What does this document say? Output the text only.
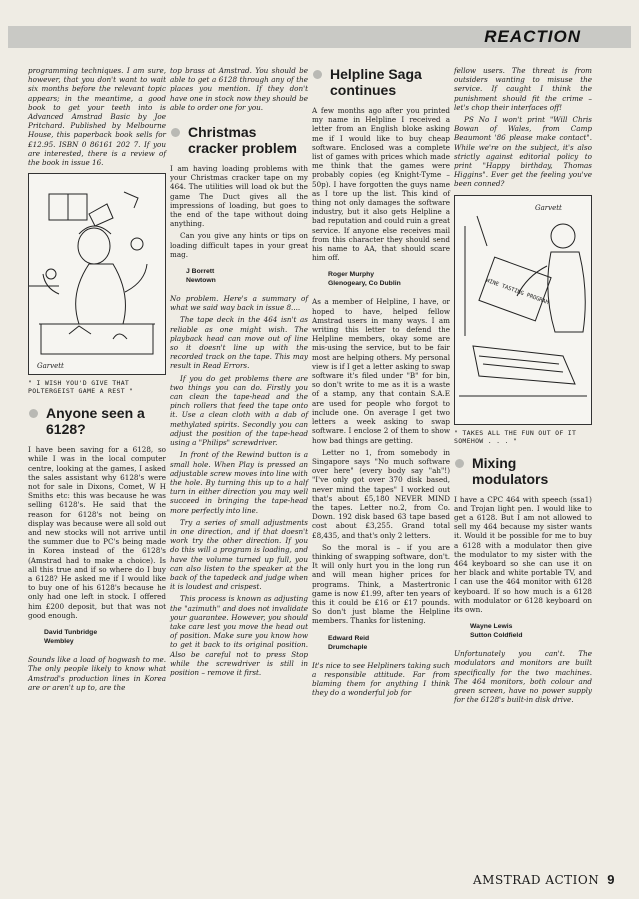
REACTION

programming techniques. I am sure, however, that you don't want to wait six months before the relevant topic appears; in the meantime, a good book to get your teeth into is Advanced Amstrad Basic by Joe Pritchard. Published by Melbourne House, this paperback book sells for £12.95. ISBN 0 86161 202 7. If you are interested, there is a review of the book in issue 16.

Garvett
" I WISH YOU'D GIVE THAT POLTERGEIST GAME A REST "
Anyone seen a 6128?

I have been saving for a 6128, so while I was in the local computer centre, looking at the games, I asked the sales assistant why 6128's were not for sale in Dixons, Comet, W H Smiths etc: this was because he was selling 6128's. He said that the reason for 6128's not being on display was because were all sold out and new stocks will not arrive until the summer due to PC's being made in Korea instead of the 6128's (Amstrad had to make a choice). Is all this true and if so where do I buy a 6128? He asked me if I would like to buy one of his 6128's because he only had one left in stock. I offered him £200 deposit, but that was not good enough.

David Tunbridge
Wembley

Sounds like a load of hogwash to me. The only people likely to know what Amstrad's production lines in Korea are or aren't up to, are the

top brass at Amstrad. You should be able to get a 6128 through any of the places you mention. If they don't have one in stock now they should be able to order one for you.

Christmas cracker problem

I am having loading problems with your Christmas cracker tape on my 464. The utilities will load ok but the game The Duct gives all the impressions of loading, but goes to the end of the tape without doing anything.

Can you give any hints or tips on loading difficult tapes in your great mag.

J Borrett
Newtown

No problem. Here's a summary of what we said way back in issue 8....

The tape deck in the 464 isn't as reliable as one might wish. The playback head can move out of line so it doesn't line up with the recorded track on the tape. This may result in Read Errors.

If you do get problems there are two things you can do. Firstly you can clean the tape-head and the pinch rollers that feed the tape onto it. Use a clean cloth with a dab of methylated spirits. Secondly you can adjust the position of the tape-head using a "Philips" screwdriver.

In front of the Rewind button is a small hole. When Play is pressed an adjustable screw moves into line with the hole. By turning this up to a half turn in either direction you may well succeed in bringing the tape-head more perfectly into line.

Try a series of small adjustments in one direction, and if that doesn't work try the other direction. If you do this will a program is loading, and have the volume turned up full, you can also listen to the speaker at the back of the tapedeck and judge when it is loudest and crispest.

This process is known as adjusting the "azimuth" and does not invalidate your guarantee. However, you should take care lest you move the head out of position. Make sure you know how to get it back to its original position. Also be careful not to press Stop while the screwdriver is still in position – remove it first.

Helpline Saga continues

A few months ago after you printed my name in Helpline I received a letter from an English bloke asking me if I would like to buy cheap software. Enclosed was a complete list of games with prices which made me think that the games were probably copies (eg Knight-Tyme – 50p). I have forgotten the guys name as I tore up the list. This kind of thing not only damages the software industry, but it also gets Helpline a bad reputation and could ruin a great service. If anyone else receives mail from this character they should send his name to AA, that should scare him off.

Roger Murphy
Glenogeary, Co Dublin

As a member of Helpline, I have, or hoped to have, helped fellow Amstrad users in many ways. I am writing this letter to defend the Helpline members, okay some are mis-using the service, but to be fair most are helping others. My personal view is if I get a letter asking to swap software it's filed under "B" for bin, so don't write to me as it is a waste of a stamp, any that contain S.A.E are used for people who forgot to include one. On average I get two letters a week asking to swap software. I enclose 2 of them to show how bad things are getting.

Letter no 1, from somebody in Singapore says "No much software over here" (every body say "ah"!) "I've only got over 370 disk based, never mind the tapes" I worked out that's about £5,180 NEVER MIND the tapes. Letter no.2, from Co. Down. 192 disk based 63 tape based cost about £3,255. Grand total £8,435, and that's only 2 letters.

So the moral is – if you are thinking of swapping software, don't. It will only hurt you in the long run and will mean higher prices for programs. Think, a Mastertronic game is now £1.99, after ten years of this it could be £16 or £17 pounds. So don't just blame the Helpline members. Thanks for listening.

Edward Reid
Drumchaple

It's nice to see Helpliners taking such a responsible attitude. Far from blaming them for anything I think they do a wonderful job for

fellow users. The threat is from outsiders wanting to misuse the service. If caught I think the punishment should fit the crime – let's chop their interfaces off!

PS No I won't print "Will Chris Bowan of Wales, from Camp Beaumont '86 please make contact". While we're on the subject, it's also strictly against editorial policy to print "Happy birthday, Thomas Higgins". Ever get the feeling you've been conned?

Garvett
WINE TASTING PROGRAM
" TAKES ALL THE FUN OUT OF IT SOMEHOW . . . "
Mixing modulators

I have a CPC 464 with speech (ssa1) and Trojan light pen. I would like to get a 6128. But I am not allowed to sell my 464 because my sister wants it. Would it be possible for me to buy a 6128 with a modulator then give the modulator to my sister with the 464 keyboard so she can use it on her black and white portable TV, and I can use the 464 monitor with 6128 keyboard. If so how much is a 6128 with modulator or 6128 keyboard on its own.

Wayne Lewis
Sutton Coldfield

Unfortunately you can't. The modulators and monitors are built specifically for the two machines. The 464 monitors, both colour and green screen, have no power supply for the 6128's built-in disk drive.

AMSTRAD ACTION 9
